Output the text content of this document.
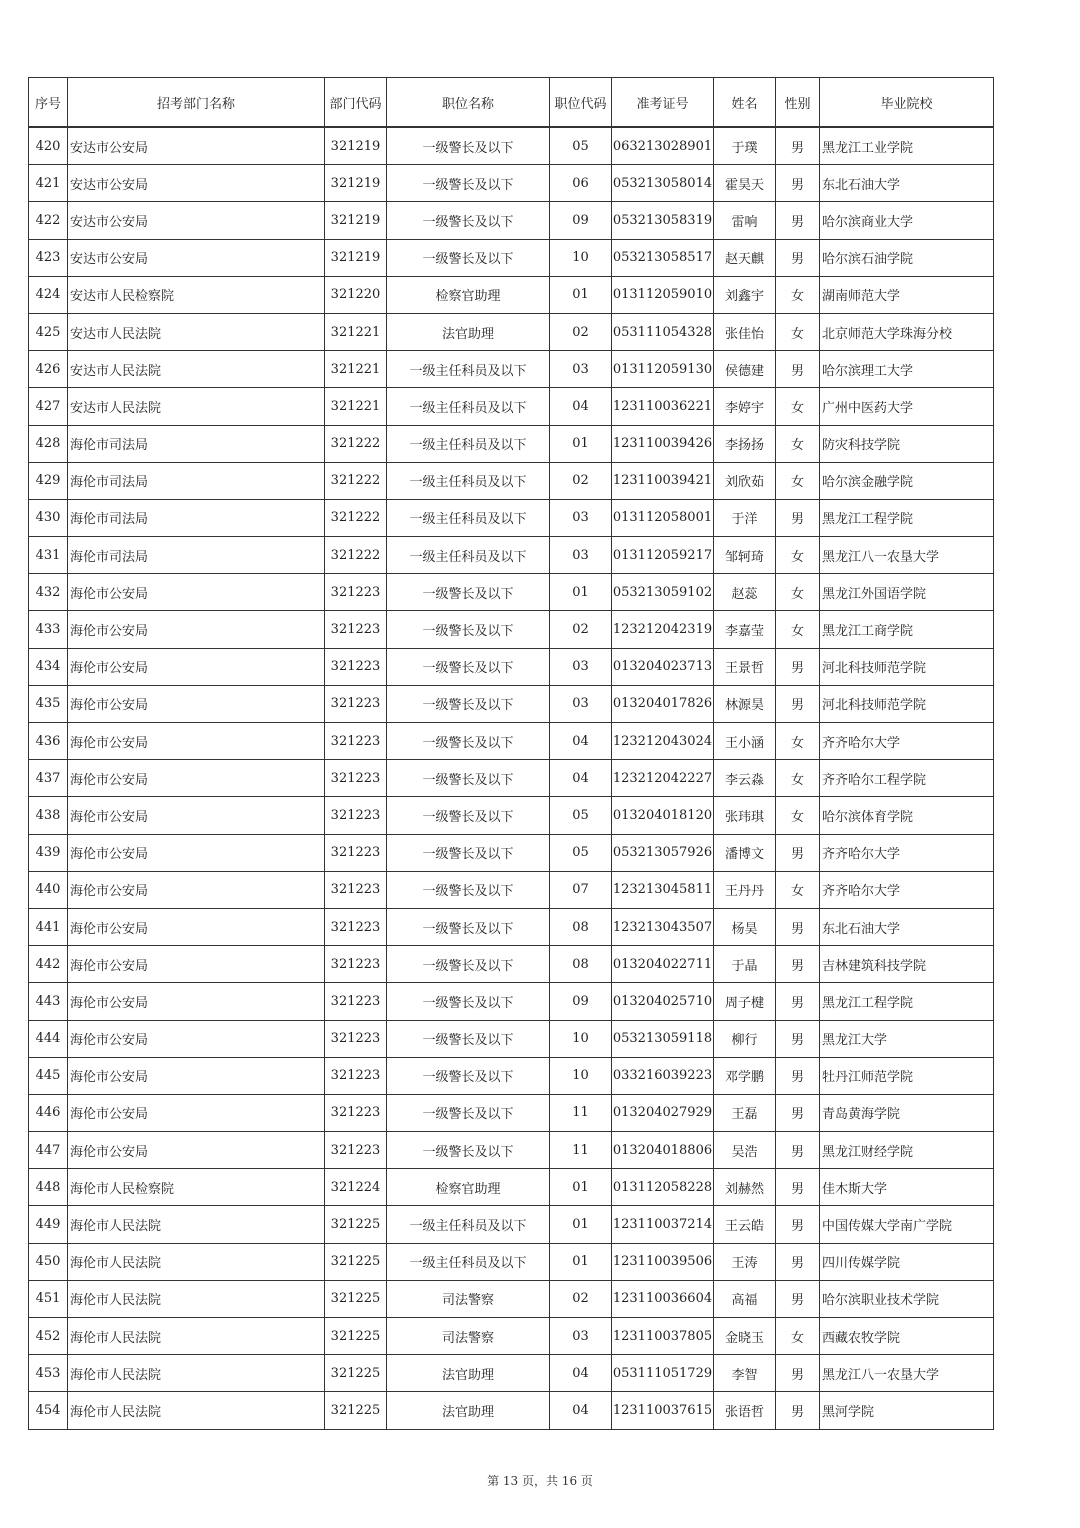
序号	招考部门名称	部门代码	职位名称	职位代码	准考证号	姓名	性别	毕业院校
420	安达市公安局	321219	一级警长及以下	05	063213028901	于璞	男	黑龙江工业学院
421	安达市公安局	321219	一级警长及以下	06	053213058014	霍昊天	男	东北石油大学
422	安达市公安局	321219	一级警长及以下	09	053213058319	雷响	男	哈尔滨商业大学
423	安达市公安局	321219	一级警长及以下	10	053213058517	赵天麒	男	哈尔滨石油学院
424	安达市人民检察院	321220	检察官助理	01	013112059010	刘鑫宇	女	湖南师范大学
425	安达市人民法院	321221	法官助理	02	053111054328	张佳怡	女	北京师范大学珠海分校
426	安达市人民法院	321221	一级主任科员及以下	03	013112059130	侯德建	男	哈尔滨理工大学
427	安达市人民法院	321221	一级主任科员及以下	04	123110036221	李婷宇	女	广州中医药大学
428	海伦市司法局	321222	一级主任科员及以下	01	123110039426	李扬扬	女	防灾科技学院
429	海伦市司法局	321222	一级主任科员及以下	02	123110039421	刘欣茹	女	哈尔滨金融学院
430	海伦市司法局	321222	一级主任科员及以下	03	013112058001	于洋	男	黑龙江工程学院
431	海伦市司法局	321222	一级主任科员及以下	03	013112059217	邹轲琦	女	黑龙江八一农垦大学
432	海伦市公安局	321223	一级警长及以下	01	053213059102	赵蕊	女	黑龙江外国语学院
433	海伦市公安局	321223	一级警长及以下	02	123212042319	李嘉莹	女	黑龙江工商学院
434	海伦市公安局	321223	一级警长及以下	03	013204023713	王景哲	男	河北科技师范学院
435	海伦市公安局	321223	一级警长及以下	03	013204017826	林源昊	男	河北科技师范学院
436	海伦市公安局	321223	一级警长及以下	04	123212043024	王小涵	女	齐齐哈尔大学
437	海伦市公安局	321223	一级警长及以下	04	123212042227	李云淼	女	齐齐哈尔工程学院
438	海伦市公安局	321223	一级警长及以下	05	013204018120	张玮琪	女	哈尔滨体育学院
439	海伦市公安局	321223	一级警长及以下	05	053213057926	潘博文	男	齐齐哈尔大学
440	海伦市公安局	321223	一级警长及以下	07	123213045811	王丹丹	女	齐齐哈尔大学
441	海伦市公安局	321223	一级警长及以下	08	123213043507	杨昊	男	东北石油大学
442	海伦市公安局	321223	一级警长及以下	08	013204022711	于晶	男	吉林建筑科技学院
443	海伦市公安局	321223	一级警长及以下	09	013204025710	周子楗	男	黑龙江工程学院
444	海伦市公安局	321223	一级警长及以下	10	053213059118	柳行	男	黑龙江大学
445	海伦市公安局	321223	一级警长及以下	10	033216039223	邓学鹏	男	牡丹江师范学院
446	海伦市公安局	321223	一级警长及以下	11	013204027929	王磊	男	青岛黄海学院
447	海伦市公安局	321223	一级警长及以下	11	013204018806	吴浩	男	黑龙江财经学院
448	海伦市人民检察院	321224	检察官助理	01	013112058228	刘赫然	男	佳木斯大学
449	海伦市人民法院	321225	一级主任科员及以下	01	123110037214	王云皓	男	中国传媒大学南广学院
450	海伦市人民法院	321225	一级主任科员及以下	01	123110039506	王涛	男	四川传媒学院
451	海伦市人民法院	321225	司法警察	02	123110036604	高福	男	哈尔滨职业技术学院
452	海伦市人民法院	321225	司法警察	03	123110037805	金晓玉	女	西藏农牧学院
453	海伦市人民法院	321225	法官助理	04	053111051729	李智	男	黑龙江八一农垦大学
454	海伦市人民法院	321225	法官助理	04	123110037615	张语哲	男	黑河学院
第 13 页，共 16 页
